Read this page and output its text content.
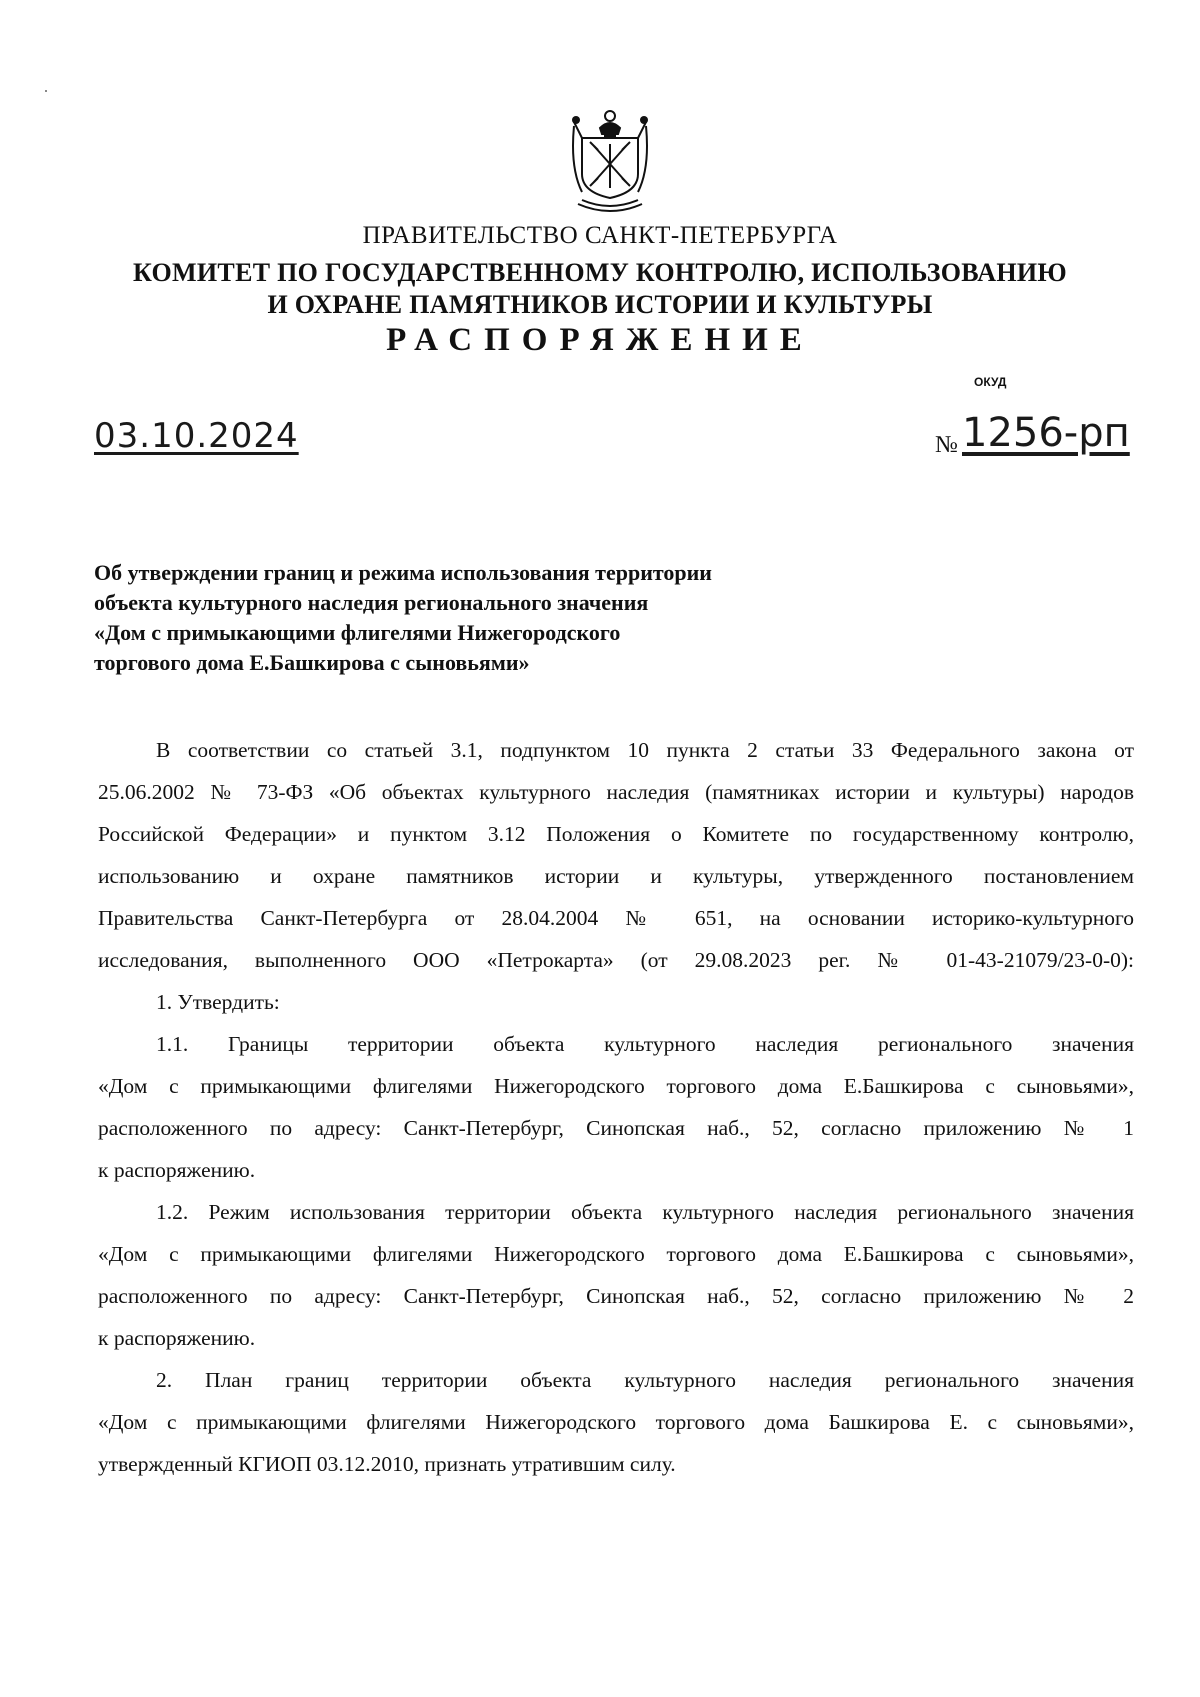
ПРАВИТЕЛЬСТВО САНКТ-ПЕТЕРБУРГА
КОМИТЕТ ПО ГОСУДАРСТВЕННОМУ КОНТРОЛЮ, ИСПОЛЬЗОВАНИЮ
И ОХРАНЕ ПАМЯТНИКОВ ИСТОРИИ И КУЛЬТУРЫ
РАСПОРЯЖЕНИЕ
ОКУД
03.10.2024	№ 1256-рп
Об утверждении границ и режима использования территории
объекта культурного наследия регионального значения
«Дом с примыкающими флигелями Нижегородского
торгового дома Е.Башкирова с сыновьями»
В соответствии со статьей 3.1, подпунктом 10 пункта 2 статьи 33 Федерального закона от
25.06.2002 № 73-ФЗ «Об объектах культурного наследия (памятниках истории и культуры) народов
Российской Федерации» и пунктом 3.12 Положения о Комитете по государственному контролю,
использованию и охране памятников истории и культуры, утвержденного постановлением
Правительства Санкт-Петербурга от 28.04.2004 № 651, на основании историко-культурного
исследования, выполненного ООО «Петрокарта» (от 29.08.2023 рег. № 01-43-21079/23-0-0):
1. Утвердить:
1.1. Границы территории объекта культурного наследия регионального значения
«Дом с примыкающими флигелями Нижегородского торгового дома Е.Башкирова с сыновьями»,
расположенного по адресу: Санкт-Петербург, Синопская наб., 52, согласно приложению № 1
к распоряжению.
1.2. Режим использования территории объекта культурного наследия регионального значения
«Дом с примыкающими флигелями Нижегородского торгового дома Е.Башкирова с сыновьями»,
расположенного по адресу: Санкт-Петербург, Синопская наб., 52, согласно приложению № 2
к распоряжению.
2. План границ территории объекта культурного наследия регионального значения
«Дом с примыкающими флигелями Нижегородского торгового дома Башкирова Е. с сыновьями»,
утвержденный КГИОП 03.12.2010, признать утратившим силу.
